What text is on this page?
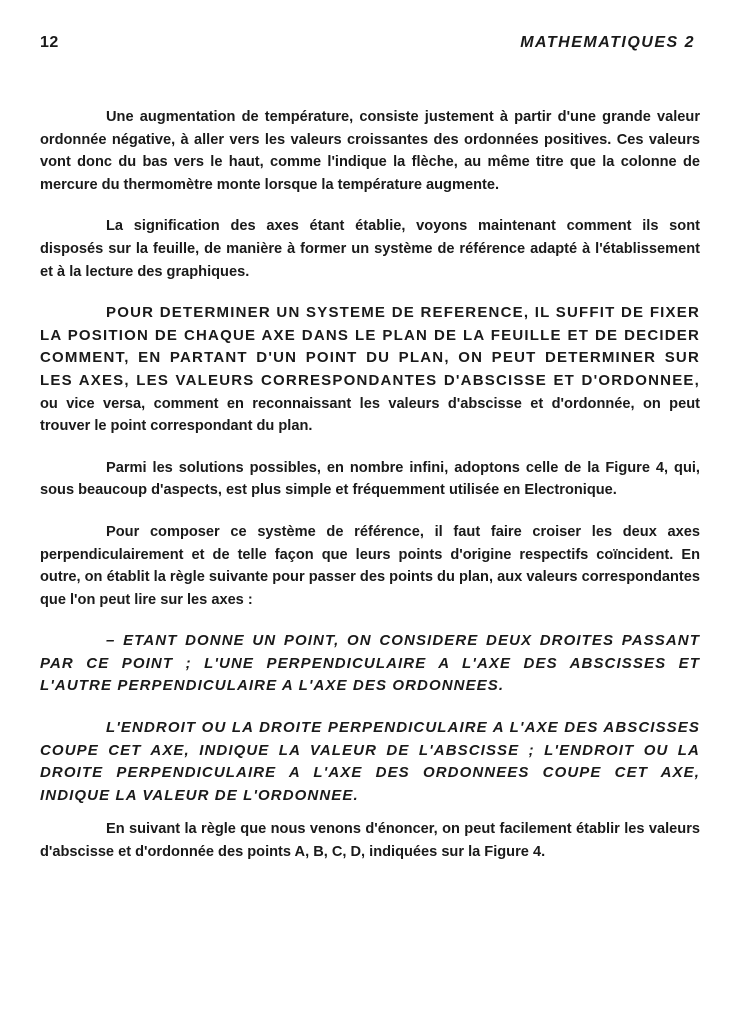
12	MATHEMATIQUES 2

Une augmentation de température, consiste justement à partir d'une grande valeur ordonnée négative, à aller vers les valeurs croissantes des ordonnées positives. Ces valeurs vont donc du bas vers le haut, comme l'indique la flèche, au même titre que la colonne de mercure du thermomètre monte lorsque la température augmente.

La signification des axes étant établie, voyons maintenant comment ils sont disposés sur la feuille, de manière à former un système de référence adapté à l'établissement et à la lecture des graphiques.

POUR DETERMINER UN SYSTEME DE REFERENCE, IL SUFFIT DE FIXER LA POSITION DE CHAQUE AXE DANS LE PLAN DE LA FEUILLE ET DE DECIDER COMMENT, EN PARTANT D'UN POINT DU PLAN, ON PEUT DETERMINER SUR LES AXES, LES VALEURS CORRESPONDANTES D'ABSCISSE ET D'ORDONNEE, ou vice versa, comment en reconnaissant les valeurs d'abscisse et d'ordonnée, on peut trouver le point correspondant du plan.

Parmi les solutions possibles, en nombre infini, adoptons celle de la Figure 4, qui, sous beaucoup d'aspects, est plus simple et fréquemment utilisée en Electronique.

Pour composer ce système de référence, il faut faire croiser les deux axes perpendiculairement et de telle façon que leurs points d'origine respectifs coïncident. En outre, on établit la règle suivante pour passer des points du plan, aux valeurs correspondantes que l'on peut lire sur les axes :

– ETANT DONNE UN POINT, ON CONSIDERE DEUX DROITES PASSANT PAR CE POINT ; L'UNE PERPENDICULAIRE A L'AXE DES ABSCISSES ET L'AUTRE PERPENDICULAIRE A L'AXE DES ORDONNEES.

L'ENDROIT OU LA DROITE PERPENDICULAIRE A L'AXE DES ABSCISSES COUPE CET AXE, INDIQUE LA VALEUR DE L'ABSCISSE ; L'ENDROIT OU LA DROITE PERPENDICULAIRE A L'AXE DES ORDONNEES COUPE CET AXE, INDIQUE LA VALEUR DE L'ORDONNEE.

En suivant la règle que nous venons d'énoncer, on peut facilement établir les valeurs d'abscisse et d'ordonnée des points A, B, C, D, indiquées sur la Figure 4.
